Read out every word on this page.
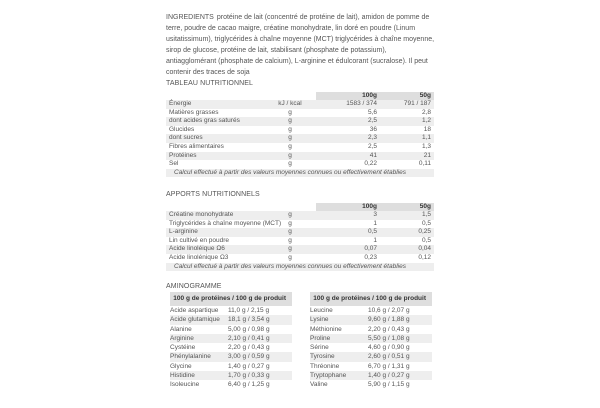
INGREDIENTS protéine de lait (concentré de protéine de lait), amidon de pomme de terre, poudre de cacao maigre, créatine monohydrate, lin doré en poudre (Linum usitatissimum), triglycérides à chaîne moyenne (MCT) triglycérides à chaîne moyenne, sirop de glucose, protéine de lait, stabilisant (phosphate de potassium), antiagglomérant (phosphate de calcium), L-arginine et édulcorant (sucralose). Il peut contenir des traces de soja
TABLEAU NUTRITIONNEL
		100g	50g
Énergie	kJ / kcal	1583 / 374	791 / 187
Matières grasses	g	5,6	2,8
dont acides gras saturés	g	2,5	1,2
Glucides	g	36	18
dont sucres	g	2,3	1,1
Fibres alimentaires	g	2,5	1,3
Protéines	g	41	21
Sel	g	0,22	0,11
Calcul effectué à partir des valeurs moyennes connues ou effectivement établies			
APPORTS NUTRITIONNELS
		100g	50g
Créatine monohydrate	g	3	1,5
Triglycérides à chaîne moyenne (MCT)	g	1	0,5
L-arginine	g	0,5	0,25
Lin cultivé en poudre	g	1	0,5
Acide linoléique Ω6	g	0,07	0,04
Acide linolénique Ω3	g	0,23	0,12
Calcul effectué à partir des valeurs moyennes connues ou effectivement établies			
AMINOGRAMME
100 g de protéines / 100 g de produit
Acide aspartique	11,0 g / 2,15 g
Acide glutamique	18,1 g / 3,54 g
Alanine	5,00 g / 0,98 g
Arginine	2,10 g / 0,41 g
Cystéine	2,20 g / 0,43 g
Phénylalanine	3,00 g / 0,59 g
Glycine	1,40 g / 0,27 g
Histidine	1,70 g / 0,33 g
Isoleucine	6,40 g / 1,25 g
100 g de protéines / 100 g de produit
Leucine	10,6 g / 2,07 g
Lysine	9,60 g / 1,88 g
Méthionine	2,20 g / 0,43 g
Proline	5,50 g / 1,08 g
Sérine	4,60 g / 0,90 g
Tyrosine	2,60 g / 0,51 g
Thréonine	6,70 g / 1,31 g
Tryptophane	1,40 g / 0,27 g
Valine	5,90 g / 1,15 g
